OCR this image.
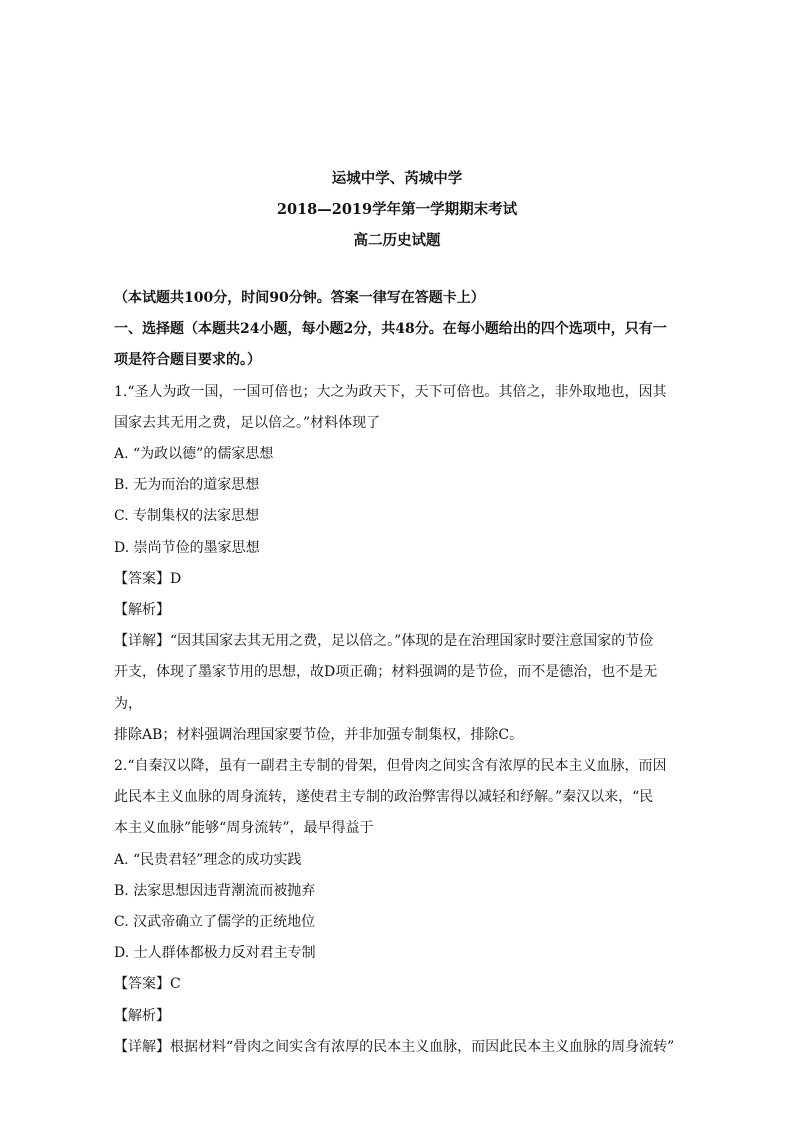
运城中学、芮城中学
2018—2019学年第一学期期末考试
高二历史试题

（本试题共100分，时间90分钟。答案一律写在答题卡上）

一、选择题（本题共24小题，每小题2分，共48分。在每小题给出的四个选项中，只有一

项是符合题目要求的。）

1.“圣人为政一国，一国可倍也；大之为政天下，天下可倍也。其倍之，非外取地也，因其

国家去其无用之费，足以倍之。”材料体现了

A. “为政以德”的儒家思想

B. 无为而治的道家思想

C. 专制集权的法家思想

D. 崇尚节俭的墨家思想

【答案】D

【解析】

【详解】“因其国家去其无用之费，足以倍之。”体现的是在治理国家时要注意国家的节俭

开支，体现了墨家节用的思想，故D项正确；材料强调的是节俭，而不是德治，也不是无为，

排除AB；材料强调治理国家要节俭，并非加强专制集权，排除C。

2.“自秦汉以降，虽有一副君主专制的骨架，但骨肉之间实含有浓厚的民本主义血脉，而因

此民本主义血脉的周身流转，遂使君主专制的政治弊害得以减轻和纾解。”秦汉以来，“民

本主义血脉”能够“周身流转”，最早得益于

A. “民贵君轻”理念的成功实践

B. 法家思想因违背潮流而被抛弃

C. 汉武帝确立了儒学的正统地位

D. 士人群体都极力反对君主专制

【答案】C

【解析】

【详解】根据材料“骨肉之间实含有浓厚的民本主义血脉，而因此民本主义血脉的周身流转”
